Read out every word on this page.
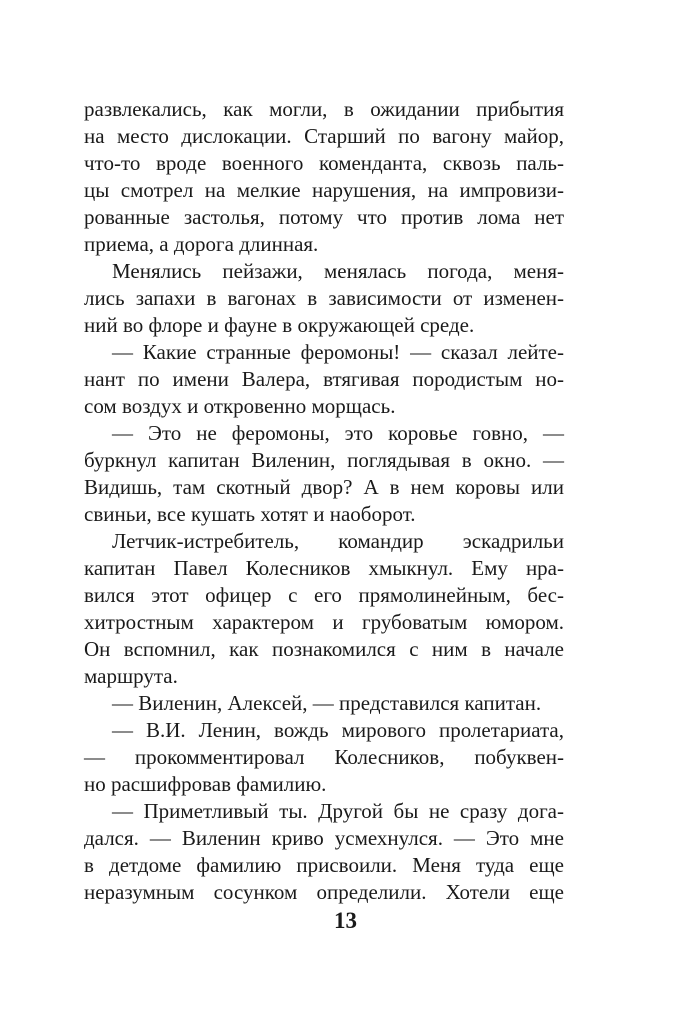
развлекались, как могли, в ожидании прибытия
на место дислокации. Старший по вагону майор,
что-то вроде военного коменданта, сквозь паль-
цы смотрел на мелкие нарушения, на импровизи-
рованные застолья, потому что против лома нет
приема, а дорога длинная.
Менялись пейзажи, менялась погода, меня-
лись запахи в вагонах в зависимости от изменен-
ний во флоре и фауне в окружающей среде.
— Какие странные феромоны! — сказал лейте-
нант по имени Валера, втягивая породистым но-
сом воздух и откровенно морщась.
— Это не феромоны, это коровье говно, —
буркнул капитан Виленин, поглядывая в окно. —
Видишь, там скотный двор? А в нем коровы или
свиньи, все кушать хотят и наоборот.
Летчик-истребитель, командир эскадрильи
капитан Павел Колесников хмыкнул. Ему нра-
вился этот офицер с его прямолинейным, бес-
хитростным характером и грубоватым юмором.
Он вспомнил, как познакомился с ним в начале
маршрута.
— Виленин, Алексей, — представился капитан.
— В.И. Ленин, вождь мирового пролетариата,
— прокомментировал Колесников, побуквен-
но расшифровав фамилию.
— Приметливый ты. Другой бы не сразу дога-
дался. — Виленин криво усмехнулся. — Это мне
в детдоме фамилию присвоили. Меня туда еще
неразумным сосунком определили. Хотели еще
13
